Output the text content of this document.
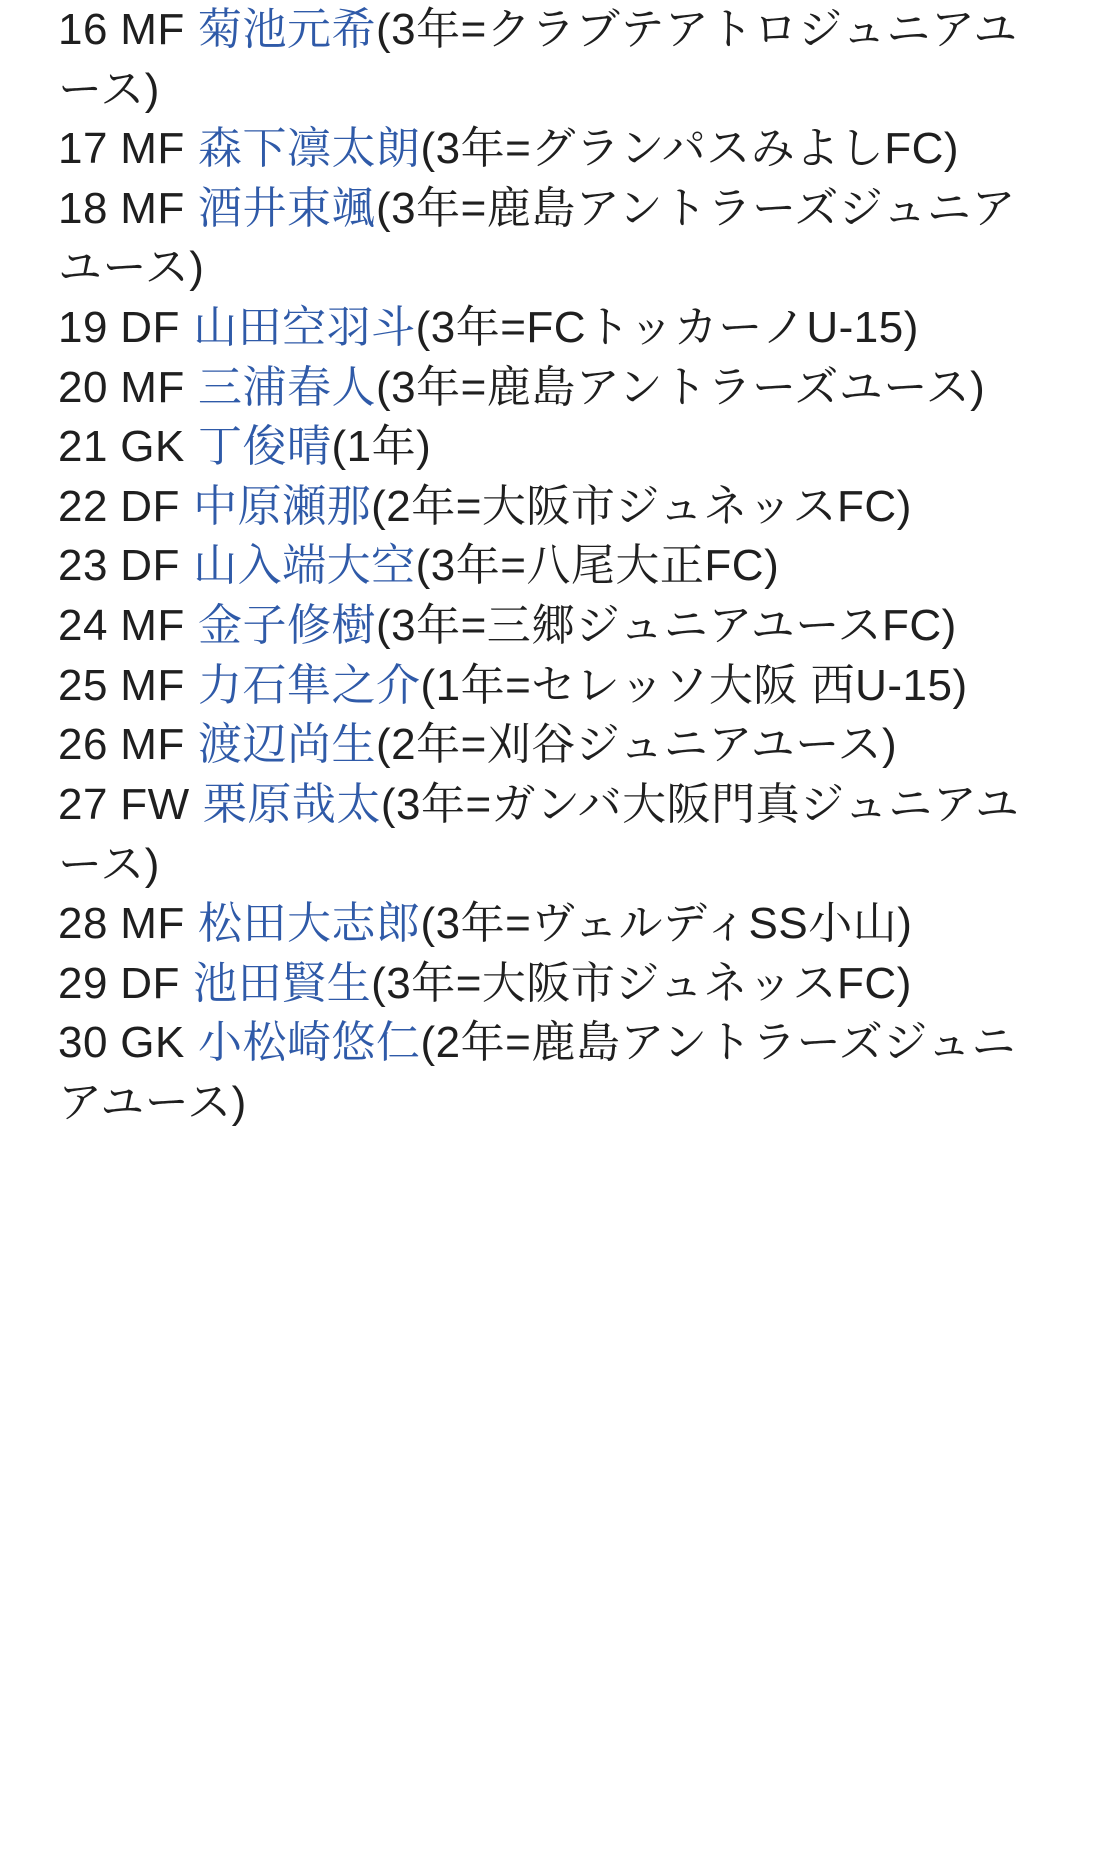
16 MF 菊池元希(3年=クラブテアトロジュニアユース)
17 MF 森下凛太朗(3年=グランパスみよしFC)
18 MF 酒井束颯(3年=鹿島アントラーズジュニアユース)
19 DF 山田空羽斗(3年=FCトッカーノU-15)
20 MF 三浦春人(3年=鹿島アントラーズユース)
21 GK 丁俊晴(1年)
22 DF 中原瀬那(2年=大阪市ジュネッスFC)
23 DF 山入端大空(3年=八尾大正FC)
24 MF 金子修樹(3年=三郷ジュニアユースFC)
25 MF 力石隼之介(1年=セレッソ大阪 西U-15)
26 MF 渡辺尚生(2年=刈谷ジュニアユース)
27 FW 栗原哉太(3年=ガンバ大阪門真ジュニアユース)
28 MF 松田大志郎(3年=ヴェルディSS小山)
29 DF 池田賢生(3年=大阪市ジュネッスFC)
30 GK 小松崎悠仁(2年=鹿島アントラーズジュニアユース)
